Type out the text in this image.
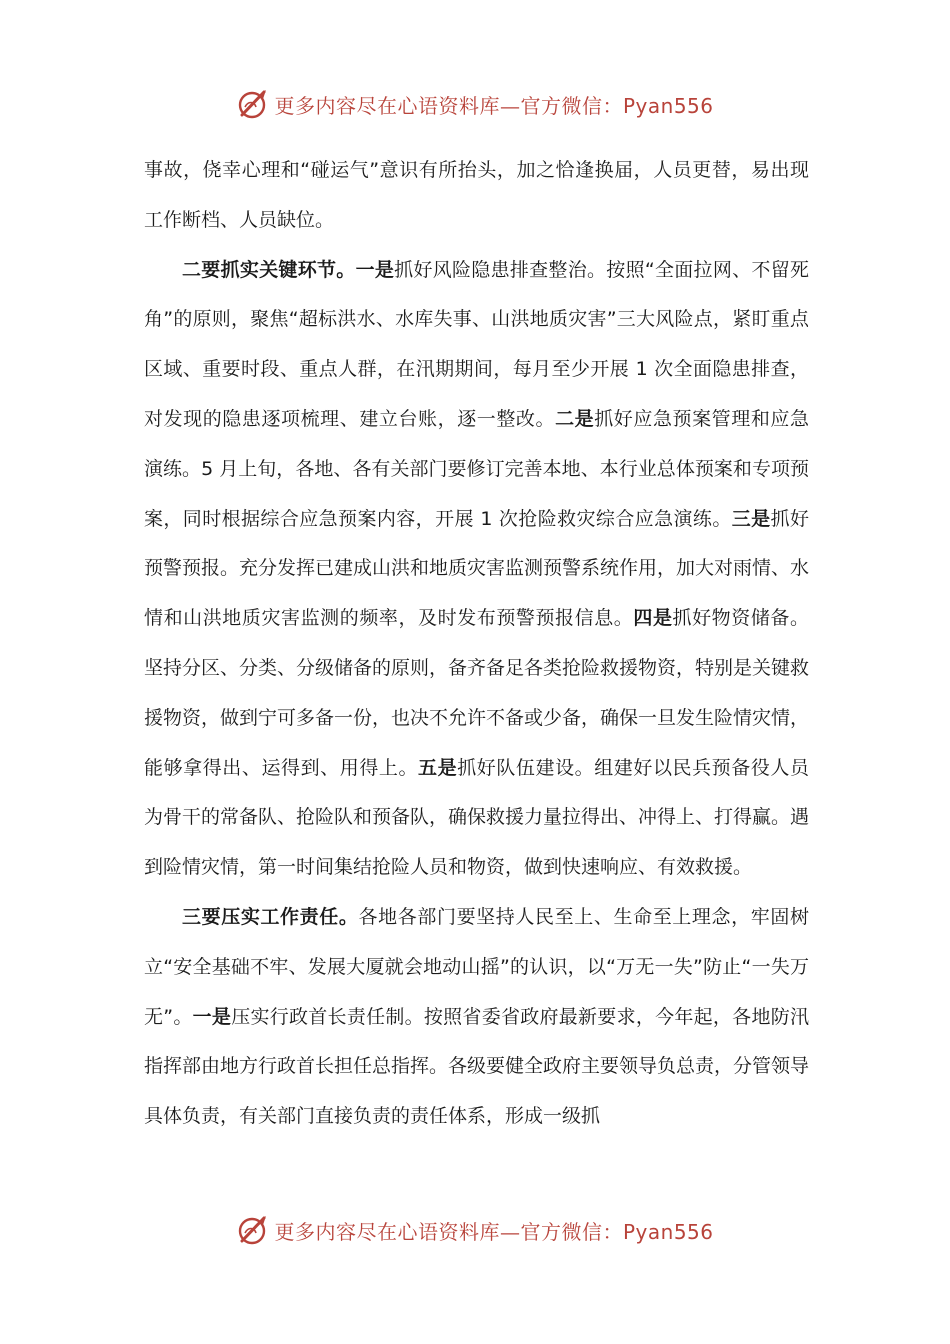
更多内容尽在心语资料库—官方微信：Pyan556

事故，侥幸心理和“碰运气”意识有所抬头，加之恰逢换届，人员更替，易出现工作断档、人员缺位。

二要抓实关键环节。一是抓好风险隐患排查整治。按照“全面拉网、不留死角”的原则，聚焦“超标洪水、水库失事、山洪地质灾害”三大风险点，紧盯重点区域、重要时段、重点人群，在汛期期间，每月至少开展 1 次全面隐患排查，对发现的隐患逐项梳理、建立台账，逐一整改。二是抓好应急预案管理和应急演练。5 月上旬，各地、各有关部门要修订完善本地、本行业总体预案和专项预案，同时根据综合应急预案内容，开展 1 次抢险救灾综合应急演练。三是抓好预警预报。充分发挥已建成山洪和地质灾害监测预警系统作用，加大对雨情、水情和山洪地质灾害监测的频率，及时发布预警预报信息。四是抓好物资储备。坚持分区、分类、分级储备的原则，备齐备足各类抢险救援物资，特别是关键救援物资，做到宁可多备一份，也决不允许不备或少备，确保一旦发生险情灾情，能够拿得出、运得到、用得上。五是抓好队伍建设。组建好以民兵预备役人员为骨干的常备队、抢险队和预备队，确保救援力量拉得出、冲得上、打得赢。遇到险情灾情，第一时间集结抢险人员和物资，做到快速响应、有效救援。

三要压实工作责任。各地各部门要坚持人民至上、生命至上理念，牢固树立“安全基础不牢、发展大厦就会地动山摇”的认识，以“万无一失”防止“一失万无”。一是压实行政首长责任制。按照省委省政府最新要求，今年起，各地防汛指挥部由地方行政首长担任总指挥。各级要健全政府主要领导负总责，分管领导具体负责，有关部门直接负责的责任体系，形成一级抓

更多内容尽在心语资料库—官方微信：Pyan556
